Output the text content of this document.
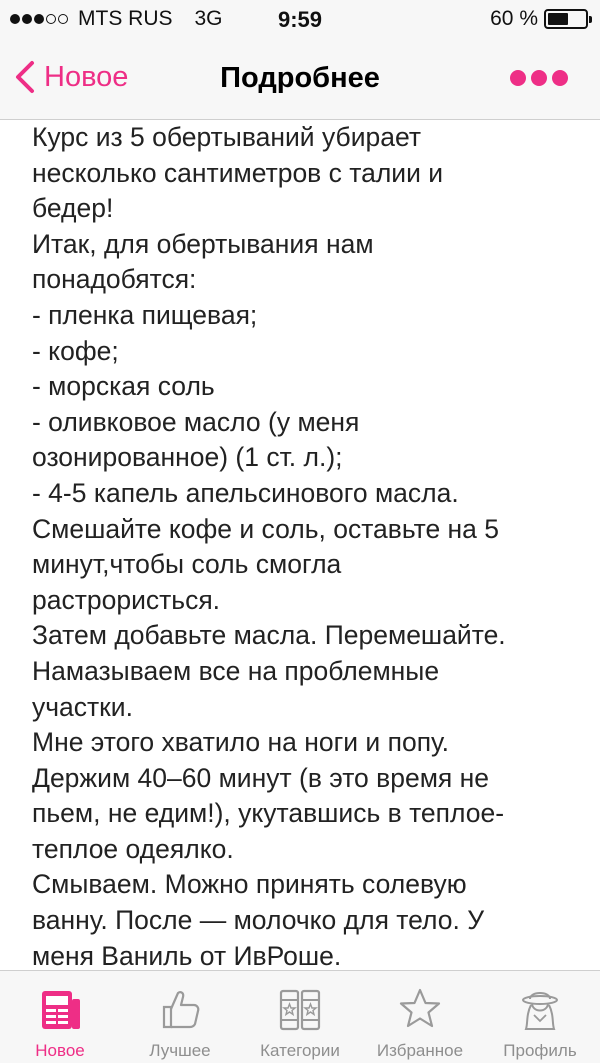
MTS RUS 3G	9:59	60 %
Новое	Подробнее

Курс из 5 обертываний убирает

несколько сантиметров с талии и

бедер!

Итак, для обертывания нам

понадобятся:

- пленка пищевая;

- кофе;

- морская соль

- оливковое масло (у меня

озонированное) (1 ст. л.);

- 4-5 капель апельсинового масла.

Смешайте кофе и соль, оставьте на 5

минут,чтобы соль смогла

растрористься.

Затем добавьте масла. Перемешайте.

Намазываем все на проблемные

участки.

Мне этого хватило на ноги и попу.

Держим 40–60 минут (в это время не

пьем, не едим!), укутавшись в теплое-

теплое одеялко.

Смываем. Можно принять солевую

ванну. После — молочко для тело. У

меня Ваниль от ИвРоше.

Новое	Лучшее	Категории	Избранное	Профиль
